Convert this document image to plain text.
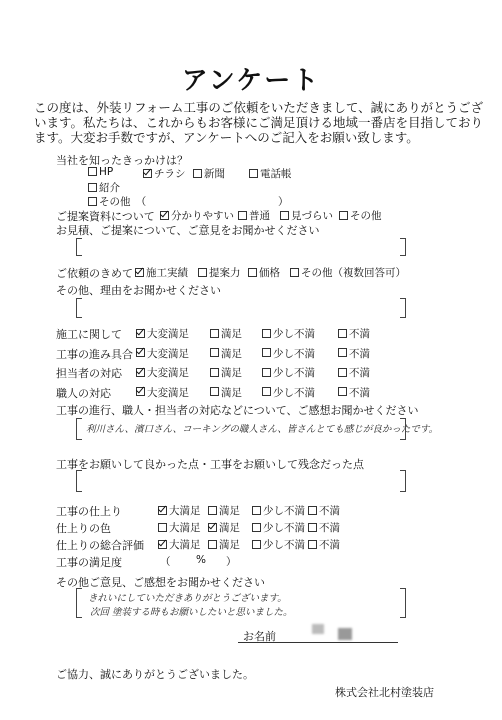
アンケート
この度は、外装リフォーム工事のご依頼をいただきまして、誠にありがとうございます。私たちは、これからもお客様にご満足頂ける地域一番店を目指しております。大変お手数ですが、アンケートへのご記入をお願い致します。
当社を知ったきっかけは？
HP	チラシ	新聞	電話帳
紹介
その他　（	）
ご提案資料について	分かりやすい	普通	見づらい	その他
お見積、ご提案について、ご意見をお聞かせください
ご依頼のきめて	施工実績	提案力	価格	その他（複数回答可）
その他、理由をお聞かせください
施工に関して	大変満足	満足	少し不満	不満
工事の進み具合	大変満足	満足	少し不満	不満
担当者の対応	大変満足	満足	少し不満	不満
職人の対応	大変満足	満足	少し不満	不満
工事の進行、職人・担当者の対応などについて、ご感想お聞かせください
利川さん、濱口さん、コーキングの職人さん、皆さんとても感じが良かったです。
工事をお願いして良かった点・工事をお願いして残念だった点
工事の仕上り	大満足	満足	少し不満	不満
仕上りの色	大満足	満足	少し不満	不満
仕上りの総合評価	大満足	満足	少し不満	不満
工事の満足度	（ % ）
その他ご意見、ご感想をお聞かせください
きれいにしていただきありがとうございます。
次回 塗装する時もお願いしたいと思いました。
お名前
ご協力、誠にありがとうございました。
株式会社北村塗装店
